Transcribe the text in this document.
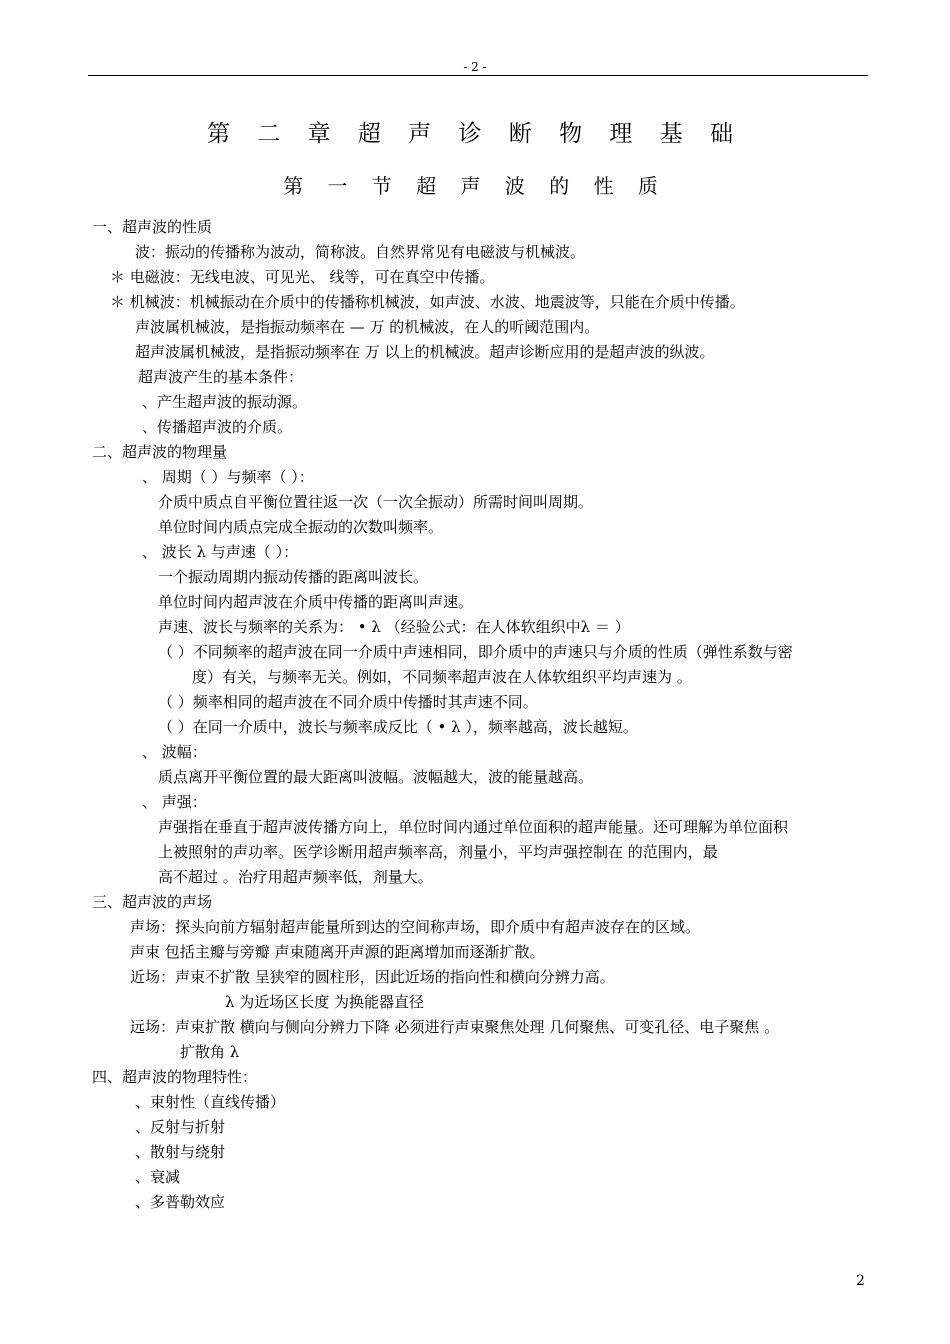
- 2 -
第 二 章 超 声 诊 断 物 理 基 础
第 一 节 超 声 波 的 性 质
一、超声波的性质
波：振动的传播称为波动，简称波。自然界常见有电磁波与机械波。
＊ 电磁波：无线电波、可见光、 线等，可在真空中传播。
＊ 机械波：机械振动在介质中的传播称机械波，如声波、水波、地震波等，只能在介质中传播。
声波属机械波，是指振动频率在 — 万 的机械波，在人的听阈范围内。
超声波属机械波，是指振动频率在 万 以上的机械波。超声诊断应用的是超声波的纵波。
超声波产生的基本条件：
、产生超声波的振动源。
、传播超声波的介质。
二、超声波的物理量
、 周期（ ）与频率（ ）：
介质中质点自平衡位置往返一次（一次全振动）所需时间叫周期。
单位时间内质点完成全振动的次数叫频率。
、 波长 λ 与声速（ ）：
一个振动周期内振动传播的距离叫波长。
单位时间内超声波在介质中传播的距离叫声速。
声速、波长与频率的关系为： • λ （经验公式：在人体软组织中λ ＝ ）
（ ）不同频率的超声波在同一介质中声速相同，即介质中的声速只与介质的性质（弹性系数与密
度）有关，与频率无关。例如，不同频率超声波在人体软组织平均声速为 。
（ ）频率相同的超声波在不同介质中传播时其声速不同。
（ ）在同一介质中，波长与频率成反比（ • λ ），频率越高，波长越短。
、 波幅：
质点离开平衡位置的最大距离叫波幅。波幅越大，波的能量越高。
、 声强：
声强指在垂直于超声波传播方向上，单位时间内通过单位面积的超声能量。还可理解为单位面积
上被照射的声功率。医学诊断用超声频率高，剂量小，平均声强控制在 的范围内，最
高不超过 。治疗用超声频率低，剂量大。
三、超声波的声场
声场：探头向前方辐射超声能量所到达的空间称声场，即介质中有超声波存在的区域。
声束 包括主瓣与旁瓣 声束随离开声源的距离增加而逐渐扩散。
近场：声束不扩散 呈狭窄的圆柱形，因此近场的指向性和横向分辨力高。
λ 为近场区长度 为换能器直径
远场：声束扩散 横向与侧向分辨力下降 必须进行声束聚焦处理 几何聚焦、可变孔径、电子聚焦 。
扩散角 λ
四、超声波的物理特性：
、束射性（直线传播）
、反射与折射
、散射与绕射
、衰减
、多普勒效应
2
